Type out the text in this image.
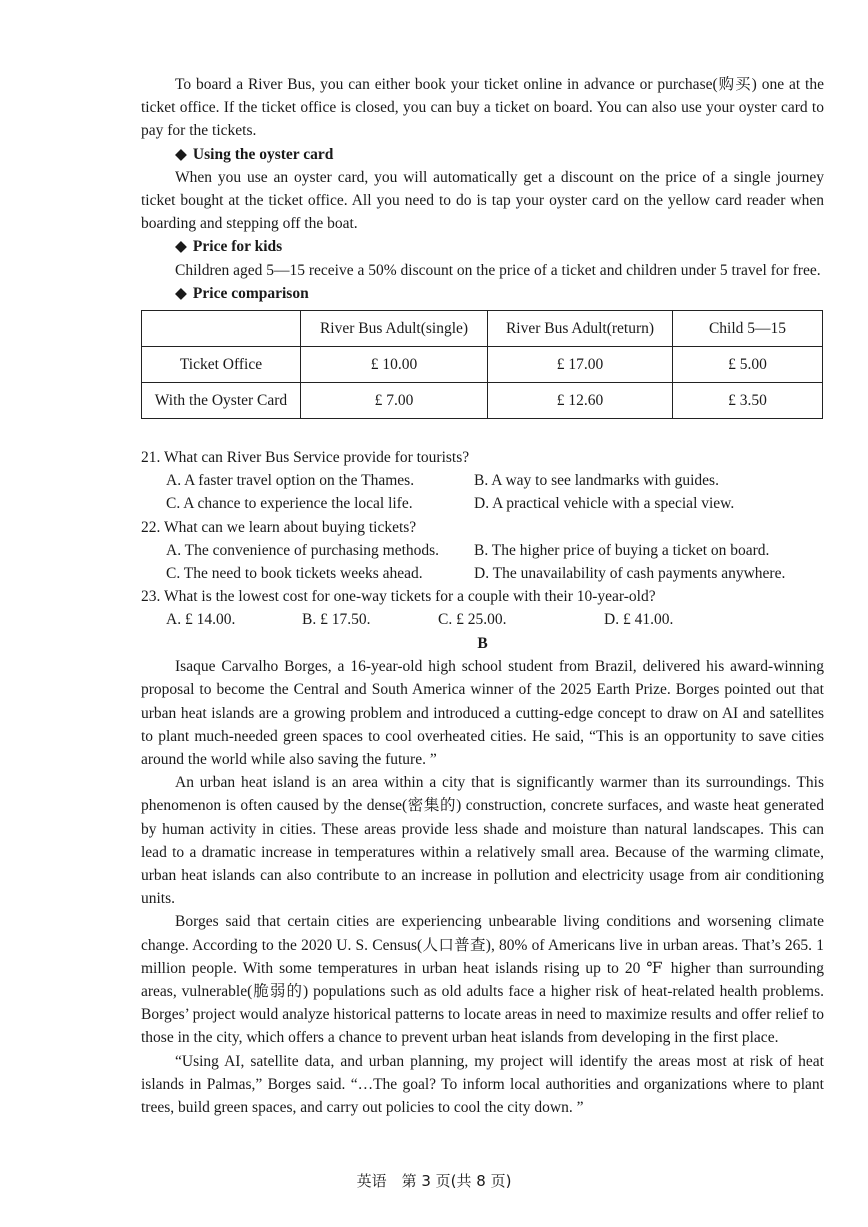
To board a River Bus, you can either book your ticket online in advance or purchase(购买) one at the ticket office. If the ticket office is closed, you can buy a ticket on board. You can also use your oyster card to pay for the tickets.

◆ Using the oyster card

When you use an oyster card, you will automatically get a discount on the price of a single journey ticket bought at the ticket office. All you need to do is tap your oyster card on the yellow card reader when boarding and stepping off the boat.

◆ Price for kids

Children aged 5—15 receive a 50% discount on the price of a ticket and children under 5 travel for free.

◆ Price comparison

	River Bus Adult(single)	River Bus Adult(return)	Child 5—15
Ticket Office	£ 10.00	£ 17.00	£ 5.00
With the Oyster Card	£ 7.00	£ 12.60	£ 3.50

21. What can River Bus Service provide for tourists?

A. A faster travel option on the Thames.	B. A way to see landmarks with guides.
C. A chance to experience the local life.	D. A practical vehicle with a special view.

22. What can we learn about buying tickets?

A. The convenience of purchasing methods.	B. The higher price of buying a ticket on board.
C. The need to book tickets weeks ahead.	D. The unavailability of cash payments anywhere.

23. What is the lowest cost for one-way tickets for a couple with their 10-year-old?

A. £ 14.00.	B. £ 17.50.	C. £ 25.00.	D. £ 41.00.

B

Isaque Carvalho Borges, a 16-year-old high school student from Brazil, delivered his award-winning proposal to become the Central and South America winner of the 2025 Earth Prize. Borges pointed out that urban heat islands are a growing problem and introduced a cutting-edge concept to draw on AI and satellites to plant much-needed green spaces to cool overheated cities. He said, “This is an opportunity to save cities around the world while also saving the future. ”

An urban heat island is an area within a city that is significantly warmer than its surroundings. This phenomenon is often caused by the dense(密集的) construction, concrete surfaces, and waste heat generated by human activity in cities. These areas provide less shade and moisture than natural landscapes. This can lead to a dramatic increase in temperatures within a relatively small area. Because of the warming climate, urban heat islands can also contribute to an increase in pollution and electricity usage from air conditioning units.

Borges said that certain cities are experiencing unbearable living conditions and worsening climate change. According to the 2020 U. S. Census(人口普查), 80% of Americans live in urban areas. That’s 265. 1 million people. With some temperatures in urban heat islands rising up to 20 ℉ higher than surrounding areas, vulnerable(脆弱的) populations such as old adults face a higher risk of heat-related health problems. Borges’ project would analyze historical patterns to locate areas in need to maximize results and offer relief to those in the city, which offers a chance to prevent urban heat islands from developing in the first place.

“Using AI, satellite data, and urban planning, my project will identify the areas most at risk of heat islands in Palmas,” Borges said. “…The goal? To inform local authorities and organizations where to plant trees, build green spaces, and carry out policies to cool the city down. ”

英语　第 3 页(共 8 页)
